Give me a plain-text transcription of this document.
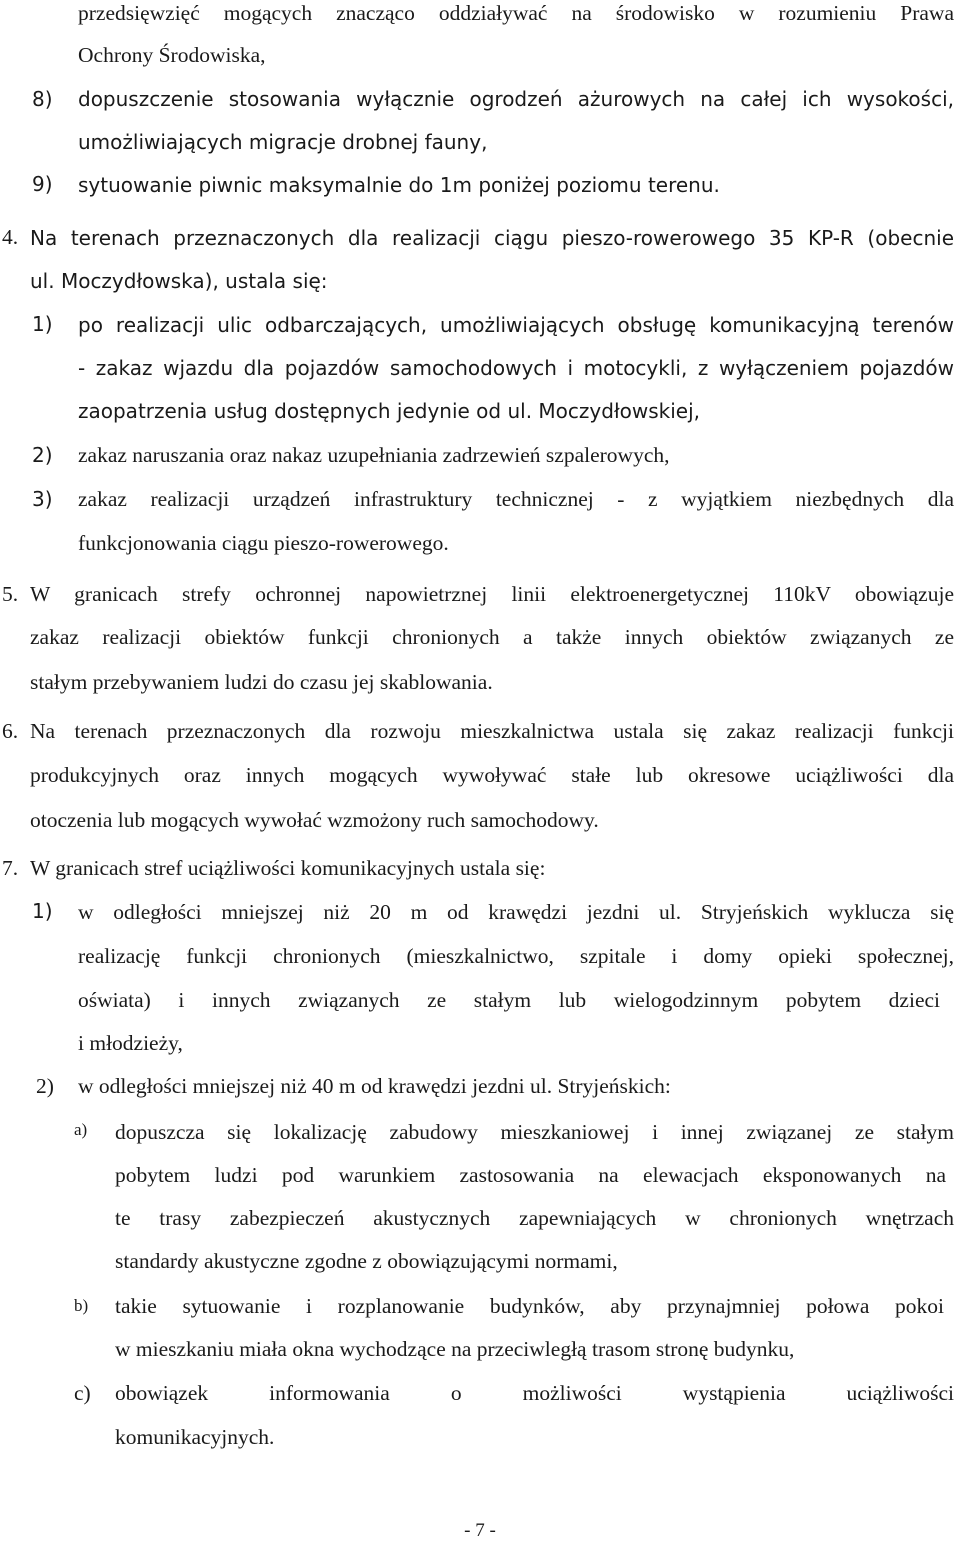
8)
9)
4.
1)
2)
3)
5.
6.
7.
1)
2)
a)
b)
c)
przedsięwzięć mogących znacząco oddziaływać na środowisko w rozumieniu Prawa
Ochrony Środowiska,
dopuszczenie stosowania wyłącznie ogrodzeń ażurowych na całej ich wysokości,
umożliwiających migracje drobnej fauny,
sytuowanie piwnic maksymalnie do 1m poniżej poziomu terenu.
Na terenach przeznaczonych dla realizacji ciągu pieszo-rowerowego 35 KP-R (obecnie
ul. Moczydłowska), ustala się:
po realizacji ulic odbarczających, umożliwiających obsługę komunikacyjną terenów
- zakaz wjazdu dla pojazdów samochodowych i motocykli, z wyłączeniem pojazdów
zaopatrzenia usług dostępnych jedynie od ul. Moczydłowskiej,
zakaz naruszania oraz nakaz uzupełniania zadrzewień szpalerowych,
zakaz realizacji urządzeń infrastruktury technicznej - z wyjątkiem niezbędnych dla
funkcjonowania ciągu pieszo-rowerowego.
W granicach strefy ochronnej napowietrznej linii elektroenergetycznej 110kV obowiązuje
zakaz realizacji obiektów funkcji chronionych a także innych obiektów związanych ze
stałym przebywaniem ludzi do czasu jej skablowania.
Na terenach przeznaczonych dla rozwoju mieszkalnictwa ustala się zakaz realizacji funkcji
produkcyjnych oraz innych mogących wywoływać stałe lub okresowe uciążliwości dla
otoczenia lub mogących wywołać wzmożony ruch samochodowy.
W granicach stref uciążliwości komunikacyjnych ustala się:
w odległości mniejszej niż 20 m od krawędzi jezdni ul. Stryjeńskich wyklucza się
realizację funkcji chronionych (mieszkalnictwo, szpitale i domy opieki społecznej,
oświata) i innych związanych ze stałym lub wielogodzinnym pobytem dzieci
i młodzieży,
w odległości mniejszej niż 40 m od krawędzi jezdni ul. Stryjeńskich:
dopuszcza się lokalizację zabudowy mieszkaniowej i innej związanej ze stałym
pobytem ludzi pod warunkiem zastosowania na elewacjach eksponowanych na
te trasy zabezpieczeń akustycznych zapewniających w chronionych wnętrzach
standardy akustyczne zgodne z obowiązującymi normami,
takie sytuowanie i rozplanowanie budynków, aby przynajmniej połowa pokoi
w mieszkaniu miała okna wychodzące na przeciwległą trasom stronę budynku,
obowiązek informowania o możliwości wystąpienia uciążliwości
komunikacyjnych.
- 7 -
